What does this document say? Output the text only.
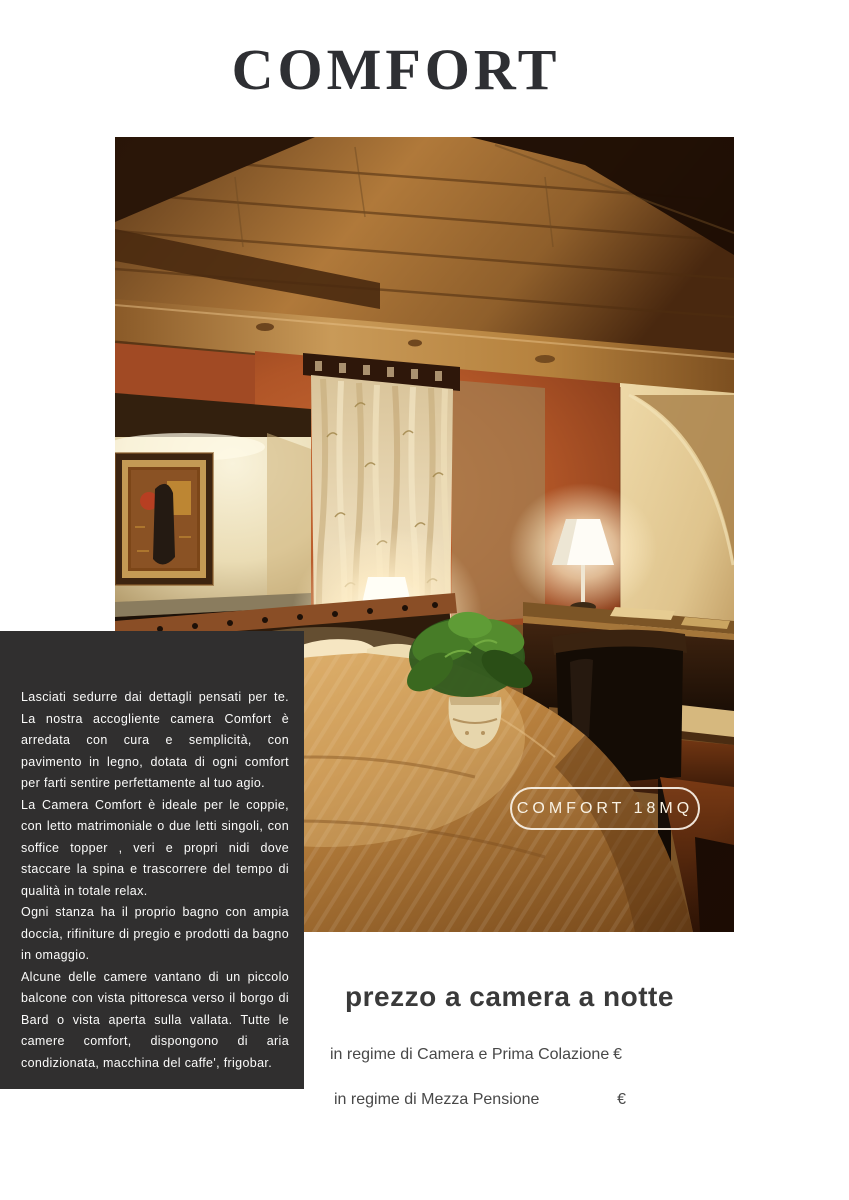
COMFORT
COMFORT 18MQ

Lasciati sedurre dai dettagli pensati per te. La nostra accogliente camera Comfort è arredata con cura e semplicità, con pavimento in legno, dotata di ogni comfort per farti sentire perfettamente al tuo agio.

La Camera Comfort è ideale per le coppie, con letto matrimoniale o due letti singoli, con soffice topper , veri e propri nidi dove staccare la spina e trascorrere del tempo di qualità in totale relax.

Ogni stanza ha il proprio bagno con ampia doccia, rifiniture di pregio e prodotti da bagno in omaggio.

Alcune delle camere vantano di un piccolo balcone con vista pittoresca verso il borgo di Bard o vista aperta sulla vallata. Tutte le camere comfort, dispongono di aria condizionata, macchina del caffe', frigobar.

prezzo a camera a notte
in regime di Camera e Prima Colazione €
in regime di Mezza Pensione	€
